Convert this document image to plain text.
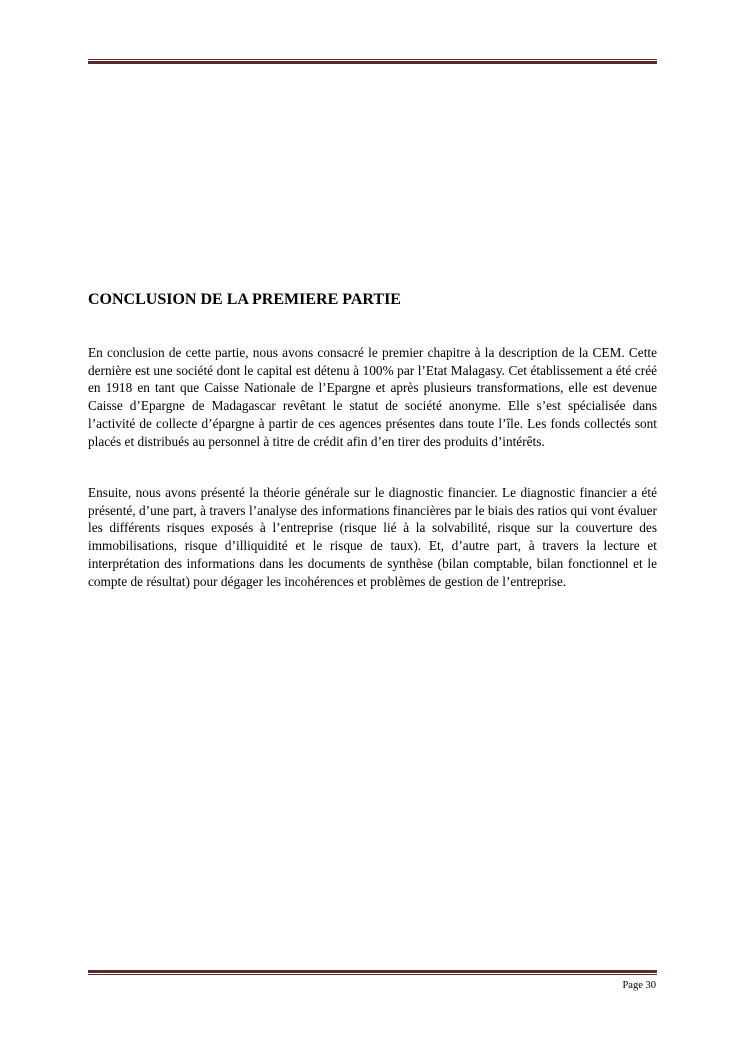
CONCLUSION DE LA PREMIERE PARTIE

En conclusion de cette partie, nous avons consacré le premier chapitre à la description de la CEM. Cette dernière est une société dont le capital est détenu à 100% par l’Etat Malagasy. Cet établissement a été créé en 1918 en tant que Caisse Nationale de l’Epargne et après plusieurs transformations, elle est devenue Caisse d’Epargne de Madagascar revêtant le statut de société anonyme. Elle s’est spécialisée dans l’activité de collecte d’épargne à partir de ces agences présentes dans toute l’île. Les fonds collectés sont placés et distribués au personnel à titre de crédit afin d’en tirer des produits d’intérêts.

Ensuite, nous avons présenté la théorie générale sur le diagnostic financier. Le diagnostic financier a été présenté, d’une part, à travers l’analyse des informations financières par le biais des ratios qui vont évaluer les différents risques exposés à l’entreprise (risque lié à la solvabilité, risque sur la couverture des immobilisations, risque d’illiquidité et le risque de taux). Et, d’autre part, à travers la lecture et interprétation des informations dans les documents de synthèse (bilan comptable, bilan fonctionnel et le compte de résultat) pour dégager les incohérences et problèmes de gestion de l’entreprise.

Page 30
